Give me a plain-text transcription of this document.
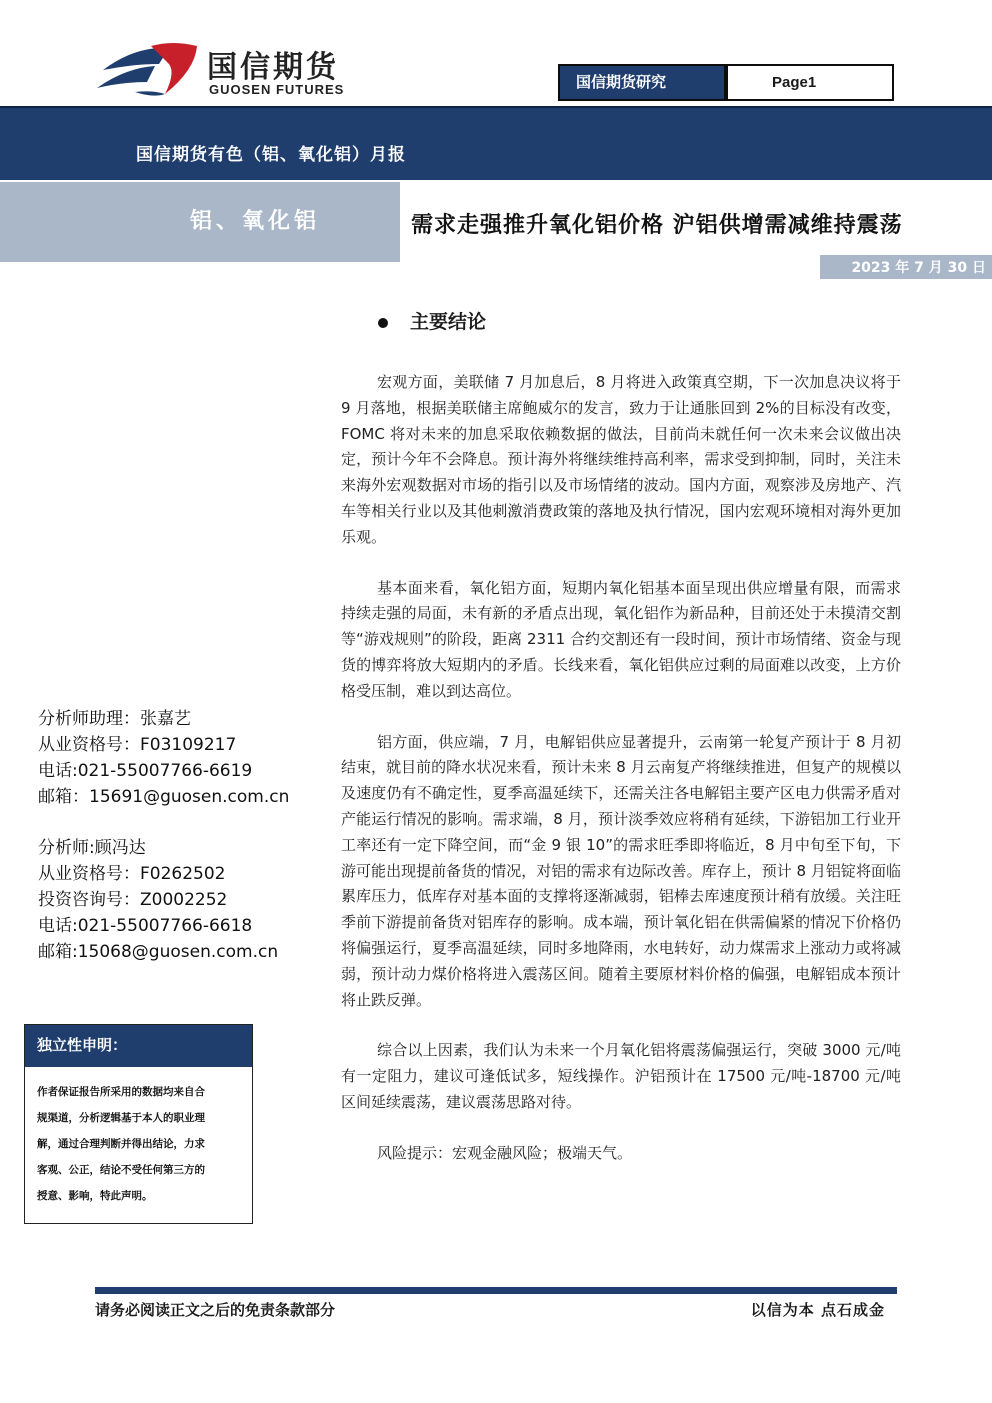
国信期货
GUOSEN FUTURES	国信期货研究	Page1
国信期货有色（铝、氧化铝）月报
铝、氧化铝	需求走强推升氧化铝价格 沪铝供增需减维持震荡
2023 年 7 月 30 日
主要结论

宏观方面，美联储 7 月加息后，8 月将进入政策真空期，下一次加息决议将于 9 月落地，根据美联储主席鲍威尔的发言，致力于让通胀回到 2%的目标没有改变，FOMC 将对未来的加息采取依赖数据的做法，目前尚未就任何一次未来会议做出决定，预计今年不会降息。预计海外将继续维持高利率，需求受到抑制，同时，关注未来海外宏观数据对市场的指引以及市场情绪的波动。国内方面，观察涉及房地产、汽车等相关行业以及其他刺激消费政策的落地及执行情况，国内宏观环境相对海外更加乐观。

基本面来看，氧化铝方面，短期内氧化铝基本面呈现出供应增量有限，而需求持续走强的局面，未有新的矛盾点出现，氧化铝作为新品种，目前还处于未摸清交割等“游戏规则”的阶段，距离 2311 合约交割还有一段时间，预计市场情绪、资金与现货的博弈将放大短期内的矛盾。长线来看，氧化铝供应过剩的局面难以改变，上方价格受压制，难以到达高位。

铝方面，供应端，7 月，电解铝供应显著提升，云南第一轮复产预计于 8 月初结束，就目前的降水状况来看，预计未来 8 月云南复产将继续推进，但复产的规模以及速度仍有不确定性，夏季高温延续下，还需关注各电解铝主要产区电力供需矛盾对产能运行情况的影响。需求端，8 月，预计淡季效应将稍有延续，下游铝加工行业开工率还有一定下降空间，而“金 9 银 10”的需求旺季即将临近，8 月中旬至下旬，下游可能出现提前备货的情况，对铝的需求有边际改善。库存上，预计 8 月铝锭将面临累库压力，低库存对基本面的支撑将逐渐减弱，铝棒去库速度预计稍有放缓。关注旺季前下游提前备货对铝库存的影响。成本端，预计氧化铝在供需偏紧的情况下价格仍将偏强运行，夏季高温延续，同时多地降雨，水电转好，动力煤需求上涨动力或将减弱，预计动力煤价格将进入震荡区间。随着主要原材料价格的偏强，电解铝成本预计将止跌反弹。

综合以上因素，我们认为未来一个月氧化铝将震荡偏强运行，突破 3000 元/吨有一定阻力，建议可逢低试多，短线操作。沪铝预计在 17500 元/吨-18700 元/吨区间延续震荡，建议震荡思路对待。

风险提示：宏观金融风险；极端天气。

分析师助理：张嘉艺
从业资格号：F03109217
电话:021-55007766-6619
邮箱：15691@guosen.com.cn
分析师:顾冯达
从业资格号：F0262502
投资咨询号：Z0002252
电话:021-55007766-6618
邮箱:15068@guosen.com.cn
独立性申明：
作者保证报告所采用的数据均来自合
规渠道，分析逻辑基于本人的职业理
解，通过合理判断并得出结论，力求
客观、公正，结论不受任何第三方的
授意、影响，特此声明。
请务必阅读正文之后的免责条款部分	以信为本 点石成金
